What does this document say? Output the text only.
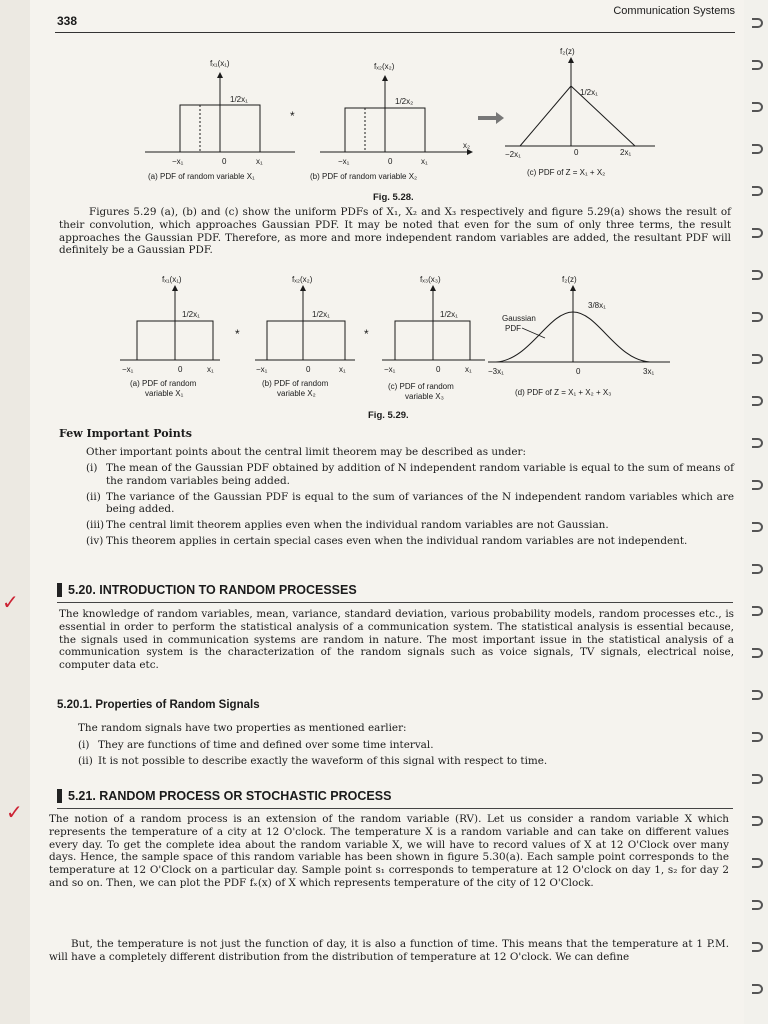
338
Communication Systems
fₓ₁(x₁)
1/2x₁
−x₁	0	x₁
(a) PDF of random variable X₁
*
fₓ₂(x₂)
1/2x₂
−x₁	0	x₁
x₂
(b) PDF of random variable X₂
f₂(z)
1/2x₁
−2x₁	0	2x₁
(c) PDF of Z = X₁ + X₂
Fig. 5.28.
Figures 5.29 (a), (b) and (c) show the uniform PDFs of X₁, X₂ and X₃ respectively and figure 5.29(a) shows the result of their convolution, which approaches Gaussian PDF. It may be noted that even for the sum of only three terms, the result approaches the Gaussian PDF. Therefore, as more and more independent random variables are added, the resultant PDF will definitely be a Gaussian PDF.
fₓ₁(x₁)
1/2x₁
−x₁	0	x₁
(a) PDF of random
variable X₁
*
fₓ₂(x₂)
1/2x₁
−x₁	0	x₁
(b) PDF of random
variable X₂
*
fₓ₃(x₃)
1/2x₁
−x₁	0	x₁
(c) PDF of random
variable X₃
f₂(z)
3/8x₁
Gaussian
PDF
−3x₁	0	3x₁
(d) PDF of Z = X₁ + X₂ + X₃
Fig. 5.29.
Few Important Points
Other important points about the central limit theorem may be described as under:
(i) The mean of the Gaussian PDF obtained by addition of N independent random variable is equal to the sum of means of the random variables being added.
(ii) The variance of the Gaussian PDF is equal to the sum of variances of the N independent random variables which are being added.
(iii) The central limit theorem applies even when the individual random variables are not Gaussian.
(iv) This theorem applies in certain special cases even when the individual random variables are not independent.
5.20. INTRODUCTION TO RANDOM PROCESSES
✓	The knowledge of random variables, mean, variance, standard deviation, various probability models, random processes etc., is essential in order to perform the statistical analysis of a communication system. The statistical analysis is essential because, the signals used in communication systems are random in nature. The most important issue in the statistical analysis of a communication system is the characterization of the random signals such as voice signals, TV signals, electrical noise, computer data etc.
5.20.1. Properties of Random Signals
The random signals have two properties as mentioned earlier:
(i) They are functions of time and defined over some time interval.
(ii) It is not possible to describe exactly the waveform of this signal with respect to time.
5.21. RANDOM PROCESS OR STOCHASTIC PROCESS
✓	The notion of a random process is an extension of the random variable (RV). Let us consider a random variable X which represents the temperature of a city at 12 O'clock. The temperature X is a random variable and can take on different values every day. To get the complete idea about the random variable X, we will have to record values of X at 12 O'Clock over many days. Hence, the sample space of this random variable has been shown in figure 5.30(a). Each sample point corresponds to the temperature at 12 O'Clock on a particular day. Sample point s₁ corresponds to temperature at 12 O'clock on day 1, s₂ for day 2 and so on. Then, we can plot the PDF fₓ(x) of X which represents temperature of the city of 12 O'Clock.
But, the temperature is not just the function of day, it is also a function of time. This means that the temperature at 1 P.M. will have a completely different distribution from the distribution of temperature at 12 O'clock. We can define
